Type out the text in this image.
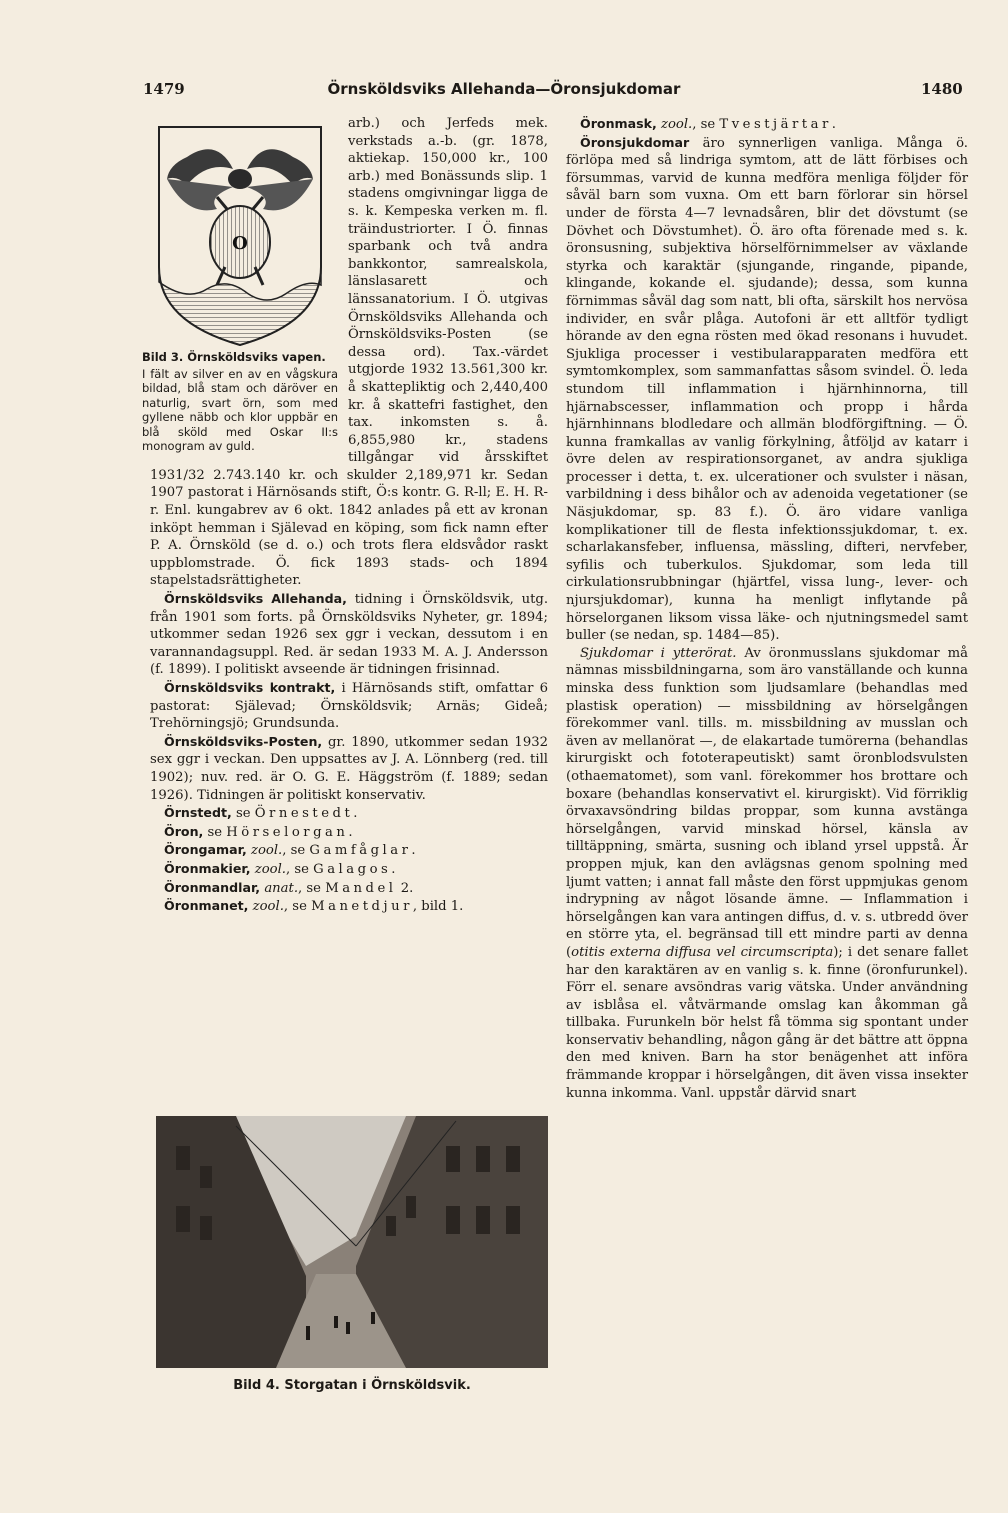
1479	Örnsköldsviks Allehanda—Öronsjukdomar	1480

O
Bild 3. Örnsköldsviks vapen.
I fält av silver en av en vågskura bildad, blå stam och däröver en naturlig, svart örn, som med gyllene näbb och klor uppbär en blå sköld med Oskar II:s monogram av guld.
arb.) och Jerfeds mek. verkstads a.-b. (gr. 1878, aktiekap. 150,000 kr., 100 arb.) med Bonässunds slip. 1 stadens omgivningar ligga de s. k. Kempeska verken m. fl. träindustriorter. I Ö. finnas sparbank och två andra bankkontor, samrealskola, länslasarett och länssanatorium. I Ö. utgivas Örnsköldsviks Allehanda och Örnsköldsviks-Posten (se dessa ord). Tax.-värdet utgjorde 1932 13.561,300 kr. å skattepliktig och 2,440,400 kr. å skattefri fastighet, den tax. inkomsten s. å. 6,855,980 kr., stadens tillgångar vid årsskiftet 1931/32 2.743.140 kr. och skulder 2,189,971 kr. Sedan 1907 pastorat i Härnösands stift, Ö:s kontr. G. R-ll; E. H. R-r. Enl. kungabrev av 6 okt. 1842 anlades på ett av kronan inköpt hemman i Själevad en köping, som fick namn efter P. A. Örnsköld (se d. o.) och trots flera eldsvådor raskt uppblomstrade. Ö. fick 1893 stads- och 1894 stapelstadsrättigheter.

Örnsköldsviks Allehanda, tidning i Örnsköldsvik, utg. från 1901 som forts. på Örnsköldsviks Nyheter, gr. 1894; utkommer sedan 1926 sex ggr i veckan, dessutom i en varannandagsuppl. Red. är sedan 1933 M. A. J. Andersson (f. 1899). I politiskt avseende är tidningen frisinnad.

Örnsköldsviks kontrakt, i Härnösands stift, omfattar 6 pastorat: Själevad; Örnsköldsvik; Arnäs; Gideå; Trehörningsjö; Grundsunda.

Örnsköldsviks-Posten, gr. 1890, utkommer sedan 1932 sex ggr i veckan. Den uppsattes av J. A. Lönnberg (red. till 1902); nuv. red. är O. G. E. Häggström (f. 1889; sedan 1926). Tidningen är politiskt konservativ.

Örnstedt, se Örnestedt.

Öron, se Hörselorgan.

Örongamar, zool., se Gamfåglar.

Öronmakier, zool., se Galagos.

Öronmandlar, anat., se Mandel 2.

Öronmanet, zool., se Manetdjur, bild 1.

Bild 4. Storgatan i Örnsköldsvik.

Öronmask, zool., se Tvestjärtar.

Öronsjukdomar äro synnerligen vanliga. Många ö. förlöpa med så lindriga symtom, att de lätt förbises och försummas, varvid de kunna medföra menliga följder för såväl barn som vuxna. Om ett barn förlorar sin hörsel under de första 4—7 levnadsåren, blir det dövstumt (se Dövhet och Dövstumhet). Ö. äro ofta förenade med s. k. öronsusning, subjektiva hörselförnimmelser av växlande styrka och karaktär (sjungande, ringande, pipande, klingande, kokande el. sjudande); dessa, som kunna förnimmas såväl dag som natt, bli ofta, särskilt hos nervösa individer, en svår plåga. Autofoni är ett alltför tydligt hörande av den egna rösten med ökad resonans i huvudet. Sjukliga processer i vestibularapparaten medföra ett symtomkomplex, som sammanfattas såsom svindel. Ö. leda stundom till inflammation i hjärnhinnorna, till hjärnabscesser, inflammation och propp i hårda hjärnhinnans blodledare och allmän blodförgiftning. — Ö. kunna framkallas av vanlig förkylning, åtföljd av katarr i övre delen av respirationsorganet, av andra sjukliga processer i detta, t. ex. ulcerationer och svulster i näsan, varbildning i dess bihålor och av adenoida vegetationer (se Näsjukdomar, sp. 83 f.). Ö. äro vidare vanliga komplikationer till de flesta infektionssjukdomar, t. ex. scharlakansfeber, influensa, mässling, difteri, nervfeber, syfilis och tuberkulos. Sjukdomar, som leda till cirkulationsrubbningar (hjärtfel, vissa lung-, lever- och njursjukdomar), kunna ha menligt inflytande på hörselorganen liksom vissa läke- och njutningsmedel samt buller (se nedan, sp. 1484—85).

Sjukdomar i ytterörat. Av öronmusslans sjukdomar må nämnas missbildningarna, som äro vanställande och kunna minska dess funktion som ljudsamlare (behandlas med plastisk operation) — missbildning av hörselgången förekommer vanl. tills. m. missbildning av musslan och även av mellanörat —, de elakartade tumörerna (behandlas kirurgiskt och fototerapeutiskt) samt öronblodsvulsten (othaematomet), som vanl. förekommer hos brottare och boxare (behandlas konservativt el. kirurgiskt). Vid förriklig örvaxavsöndring bildas proppar, som kunna avstänga hörselgången, varvid minskad hörsel, känsla av tilltäppning, smärta, susning och ibland yrsel uppstå. Är proppen mjuk, kan den avlägsnas genom spolning med ljumt vatten; i annat fall måste den först uppmjukas genom indrypning av något lösande ämne. — Inflammation i hörselgången kan vara antingen diffus, d. v. s. utbredd över en större yta, el. begränsad till ett mindre parti av denna (otitis externa diffusa vel circumscripta); i det senare fallet har den karaktären av en vanlig s. k. finne (öronfurunkel). Förr el. senare avsöndras varig vätska. Under användning av isblåsa el. våtvärmande omslag kan åkomman gå tillbaka. Furunkeln bör helst få tömma sig spontant under konservativ behandling, någon gång är det bättre att öppna den med kniven. Barn ha stor benägenhet att införa främmande kroppar i hörselgången, dit även vissa insekter kunna inkomma. Vanl. uppstår därvid snart
